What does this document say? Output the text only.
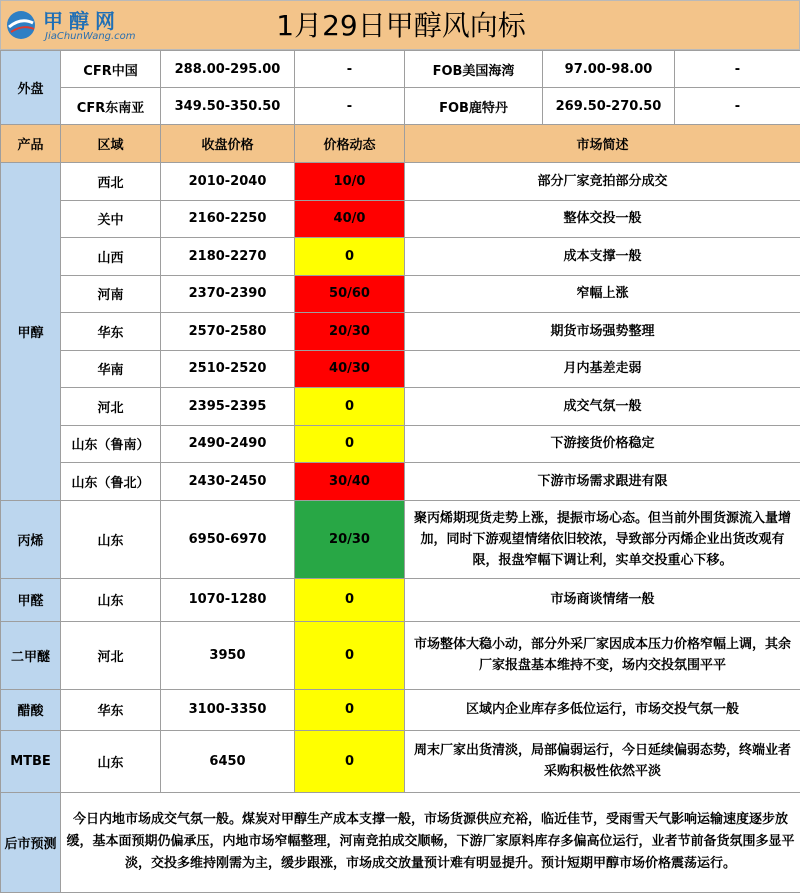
甲醇网
JiaChunWang.com	1月29日甲醇风向标
外盘	CFR中国	288.00-295.00	-	FOB美国海湾	97.00-98.00	-
	CFR东南亚	349.50-350.50	-	FOB鹿特丹	269.50-270.50	-
产品	区域	收盘价格	价格动态	市场简述		
甲醇	西北	2010-2040	10/0	部分厂家竞拍部分成交		
	关中	2160-2250	40/0	整体交投一般		
	山西	2180-2270	0	成本支撑一般		
	河南	2370-2390	50/60	窄幅上涨		
	华东	2570-2580	20/30	期货市场强势整理		
	华南	2510-2520	40/30	月内基差走弱		
	河北	2395-2395	0	成交气氛一般		
	山东（鲁南）	2490-2490	0	下游接货价格稳定		
	山东（鲁北）	2430-2450	30/40	下游市场需求跟进有限		
丙烯	山东	6950-6970	20/30	聚丙烯期现货走势上涨，提振市场心态。但当前外围货源流入量增加，同时下游观望情绪依旧较浓，导致部分丙烯企业出货改观有限，报盘窄幅下调让利，实单交投重心下移。		
甲醛	山东	1070-1280	0	市场商谈情绪一般		
二甲醚	河北	3950	0	市场整体大稳小动，部分外采厂家因成本压力价格窄幅上调，其余厂家报盘基本维持不变，场内交投氛围平平		
醋酸	华东	3100-3350	0	区域内企业库存多低位运行，市场交投气氛一般		
MTBE	山东	6450	0	周末厂家出货清淡，局部偏弱运行，今日延续偏弱态势，终端业者采购积极性依然平淡		
后市预测	今日内地市场成交气氛一般。煤炭对甲醇生产成本支撑一般，市场货源供应充裕，临近佳节，受雨雪天气影响运输速度逐步放缓，基本面预期仍偏承压，内地市场窄幅整理，河南竞拍成交顺畅，下游厂家原料库存多偏高位运行，业者节前备货氛围多显平淡，交投多维持刚需为主，缓步跟涨，市场成交放量预计难有明显提升。预计短期甲醇市场价格震荡运行。					
